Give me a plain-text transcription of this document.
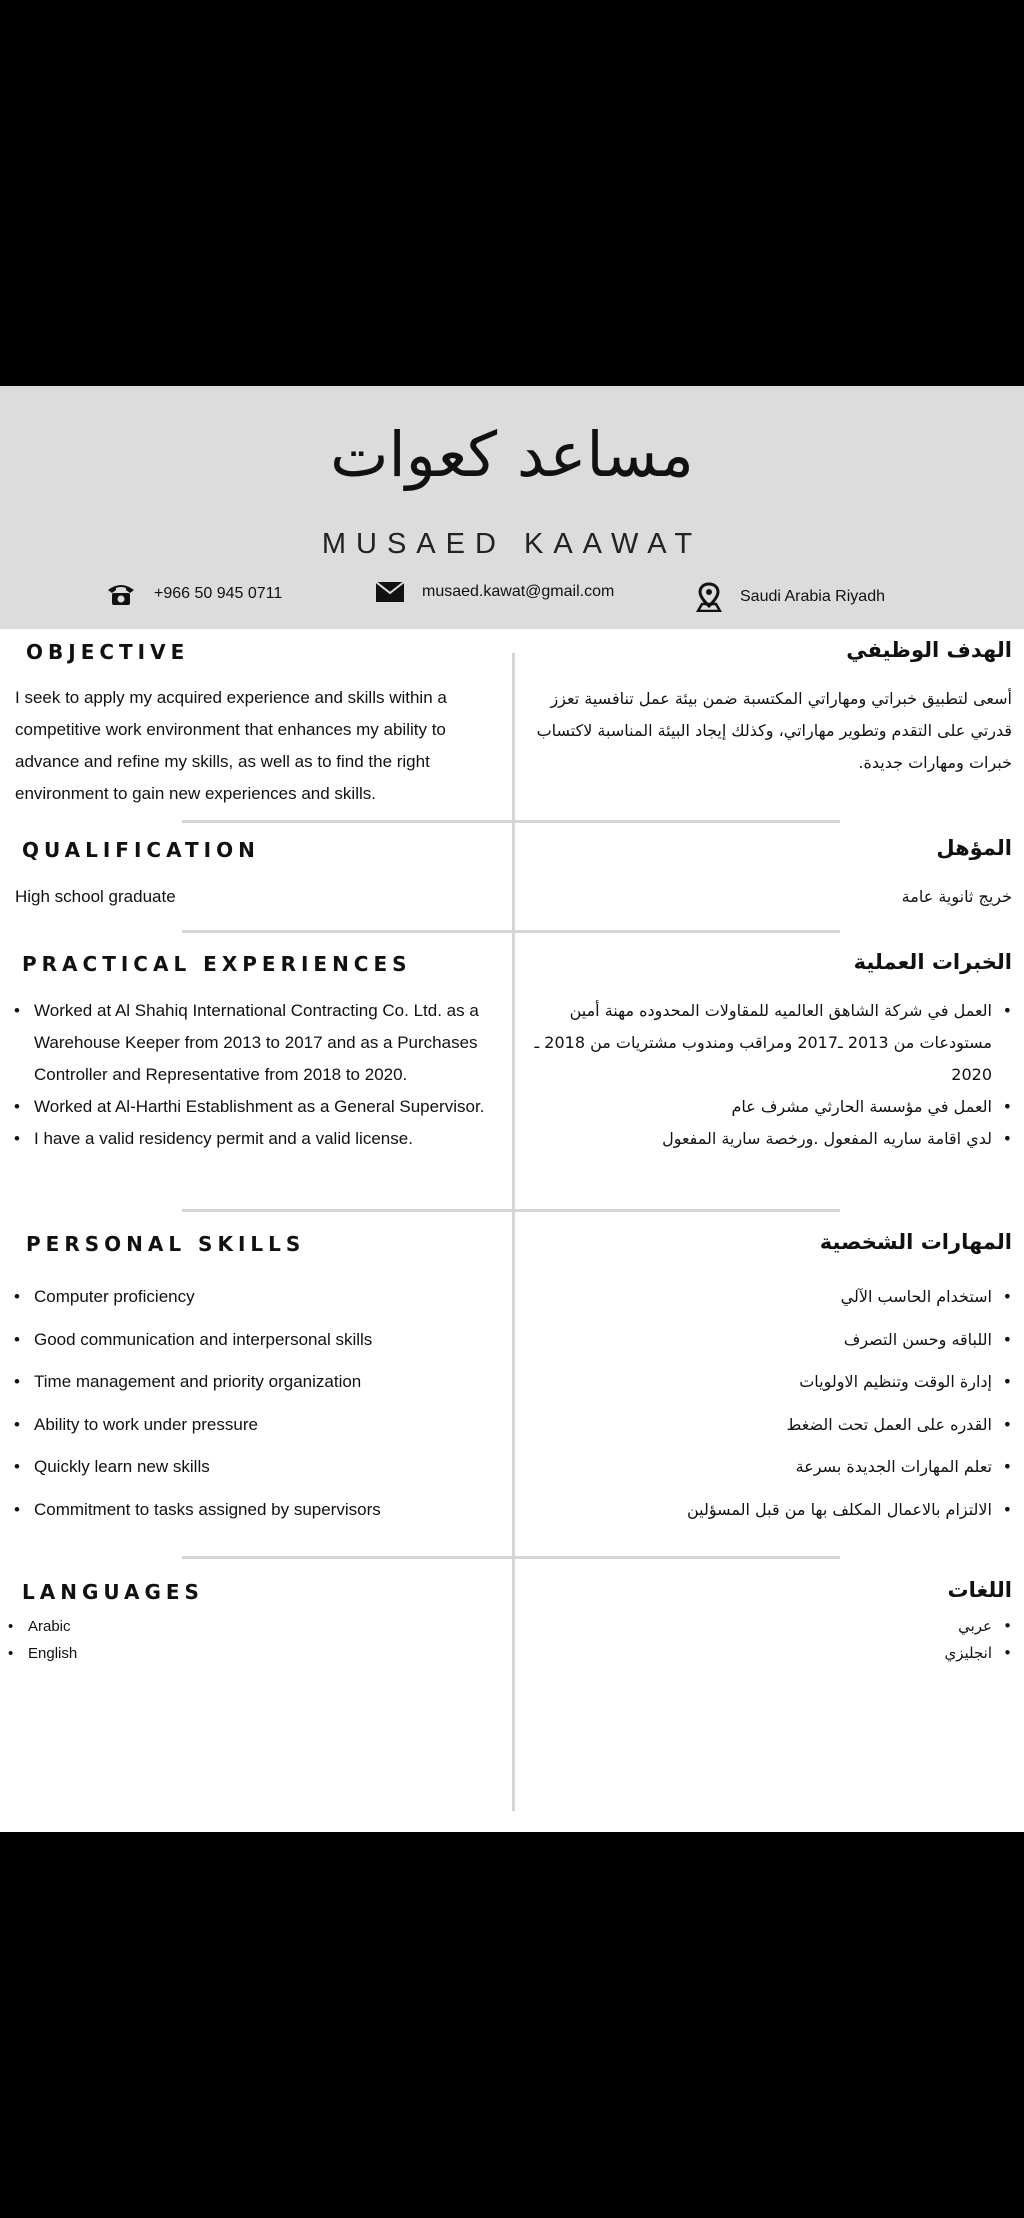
مساعد كعوات
MUSAED KAAWAT
+966 50 945 0711	musaed.kawat@gmail.com	Saudi Arabia Riyadh
OBJECTIVE	الهدف الوظيفي
I seek to apply my acquired experience and skills within a competitive work environment that enhances my ability to advance and refine my skills, as well as to find the right environment to gain new experiences and skills.
أسعى لتطبيق خبراتي ومهاراتي المكتسبة ضمن بيئة عمل تنافسية تعزز قدرتي على التقدم وتطوير مهاراتي، وكذلك إيجاد البيئة المناسبة لاكتساب خبرات ومهارات جديدة.
QUALIFICATION	المؤهل
High school graduate	خريج ثانوية عامة
PRACTICAL EXPERIENCES	الخبرات العملية
• Worked at Al Shahiq International Contracting Co. Ltd. as a Warehouse Keeper from 2013 to 2017 and as a Purchases Controller and Representative from 2018 to 2020.
• Worked at Al-Harthi Establishment as a General Supervisor.
• I have a valid residency permit and a valid license.
• العمل في شركة الشاهق العالميه للمقاولات المحدوده مهنة أمين مستودعات من 2013 ـ2017 ومراقب ومندوب مشتريات من 2018 ـ 2020
• العمل في مؤسسة الحارثي مشرف عام
• لدي اقامة ساريه المفعول .ورخصة سارية المفعول
PERSONAL SKILLS	المهارات الشخصية
• Computer proficiency
• Good communication and interpersonal skills
• Time management and priority organization
• Ability to work under pressure
• Quickly learn new skills
• Commitment to tasks assigned by supervisors
• استخدام الحاسب الآلي
• اللباقه وحسن التصرف
• إدارة الوقت وتنظيم الاولويات
• القدره على العمل تحت الضغط
• تعلم المهارات الجديدة بسرعة
• الالتزام بالاعمال المكلف بها من قبل المسؤلين
LANGUAGES	اللغات
• Arabic
• English
• عربي
• انجليزي
